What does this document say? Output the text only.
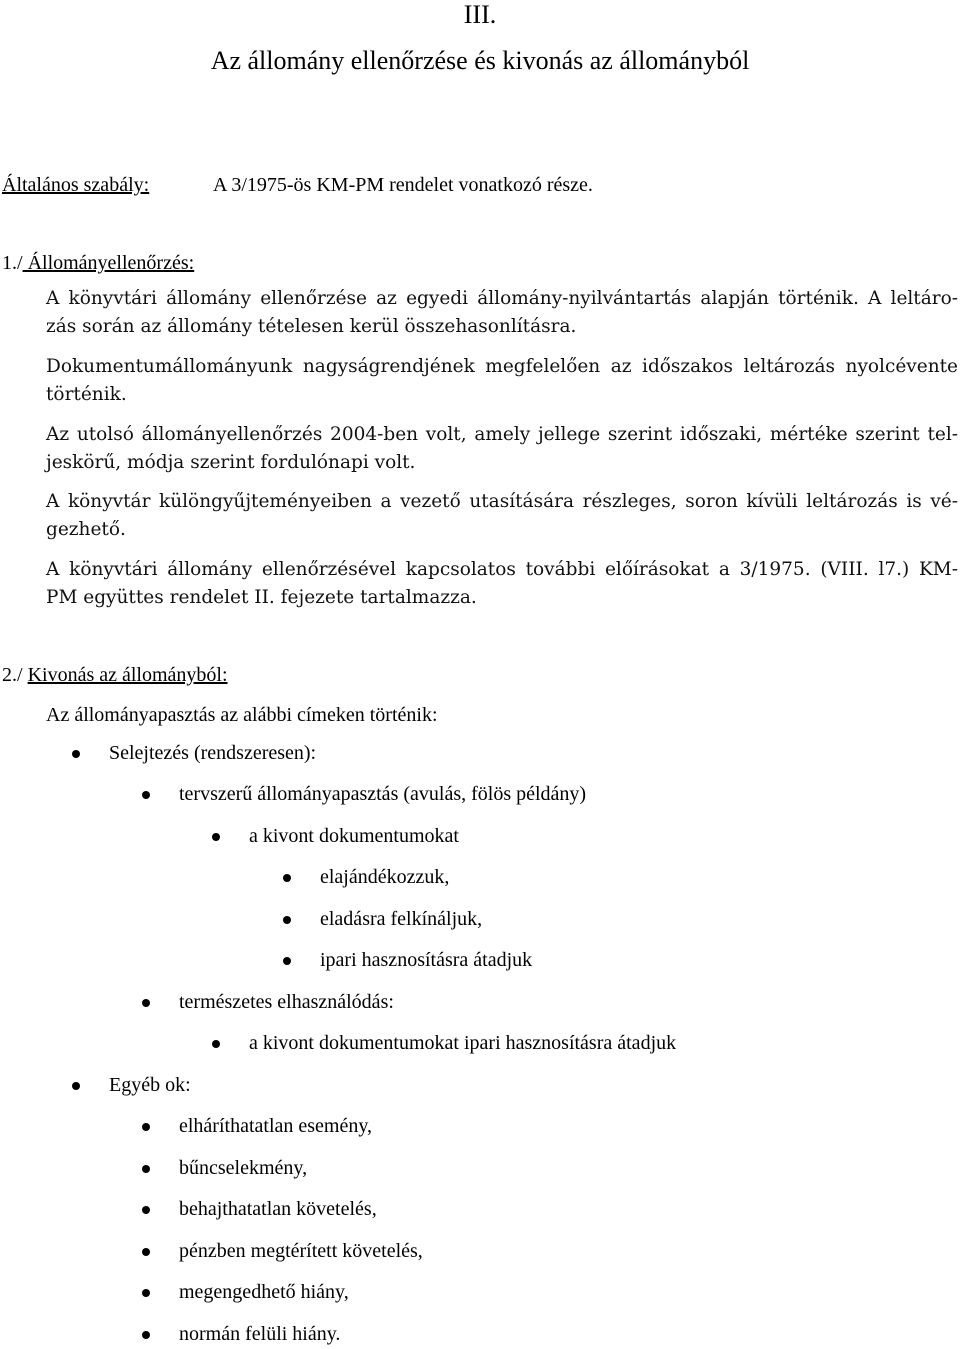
III.
Az állomány ellenőrzése és kivonás az állományból
Általános szabály:	A 3/1975-ös KM-PM rendelet vonatkozó része.
1./ Állományellenőrzés:
A könyvtári állomány ellenőrzése az egyedi állomány-nyilvántartás alapján történik. A leltáro-
zás során az állomány tételesen kerül összehasonlításra.
Dokumentumállományunk nagyságrendjének megfelelően az időszakos leltározás nyolcévente
történik.
Az utolsó állományellenőrzés 2004-ben volt, amely jellege szerint időszaki, mértéke szerint tel-
jeskörű, módja szerint fordulónapi volt.
A könyvtár különgyűjteményeiben a vezető utasítására részleges, soron kívüli leltározás is vé-
gezhető.
A könyvtári állomány ellenőrzésével kapcsolatos további előírásokat a 3/1975. (VIII. l7.) KM-
PM együttes rendelet II. fejezete tartalmazza.
2./ Kivonás az állományból:
Az állományapasztás az alábbi címeken történik:
Selejtezés (rendszeresen):
tervszerű állományapasztás (avulás, fölös példány)
a kivont dokumentumokat
elajándékozzuk,
eladásra felkínáljuk,
ipari hasznosításra átadjuk
természetes elhasználódás:
a kivont dokumentumokat ipari hasznosításra átadjuk
Egyéb ok:
elháríthatatlan esemény,
bűncselekmény,
behajthatatlan követelés,
pénzben megtérített követelés,
megengedhető hiány,
normán felüli hiány.
